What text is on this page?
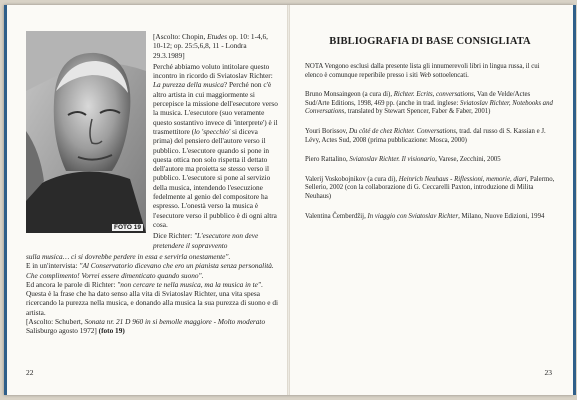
FOTO 19

[Ascolto: Chopin, Etudes op. 10: 1-4,6, 10-12; op. 25:5,6,8, 11 - Londra 29.3.1989]

Perché abbiamo voluto intitolare questo incontro in ricordo di Sviatoslav Richter: La purezza della musica? Perché non c'è altro artista in cui maggiormente si percepisce la missione dell'esecutore verso la musica. L'esecutore (suo veramente questo sostantivo invece di 'interprete') è il trasmettitore (lo 'specchio' si diceva prima) del pensiero dell'autore verso il pubblico. L'esecutore quando si pone in questa ottica non solo rispetta il dettato dell'autore ma proietta se stesso verso il pubblico. L'esecutore si pone al servizio della musica, intendendo l'esecuzione fedelmente al genio del compositore ha espresso. L'onestà verso la musica è l'esecutore verso il pubblico è di ogni altra cosa.

Dice Richter: "L'esecutore non deve pretendere il sopravvento

sulla musica… ci si dovrebbe perdere in essa e servirla onestamente".

E in un'intervista: "Al Conservatorio dicevano che ero un pianista senza personalità. Che complimento! Vorrei essere dimenticato quando suono".

Ed ancora le parole di Richter: "non cercare te nella musica, ma la musica in te".

Questa è la frase che ha dato senso alla vita di Sviatoslav Richter, una vita spesa ricercando la purezza nella musica, e donando alla musica la sua purezza di suono e di artista.

[Ascolto: Schubert, Sonata nr. 21 D 960 in si bemolle maggiore - Molto moderato Salisburgo agosto 1972] (foto 19)

22
BIBLIOGRAFIA DI BASE CONSIGLIATA

NOTA Vengono esclusi dalla presente lista gli innumerevoli libri in lingua russa, il cui elenco è comunque reperibile presso i siti Web sottoelencati.

Bruno Monsaingeon (a cura di), Richter. Ecrits, conversations, Van de Velde/Actes Sud/Arte Editions, 1998, 469 pp. (anche in trad. inglese: Sviatoslav Richter, Notebooks and Conversations, translated by Stewart Spencer, Faber & Faber, 2001)

Youri Borissov, Du côté de chez Richter. Conversations, trad. dal russo di S. Kassian e J. Lévy, Actes Sud, 2008 (prima pubblicazione: Mosca, 2000)

Piero Rattalino, Sviatoslav Richter. Il visionario, Varese, Zecchini, 2005

Valerij Voskobojnikov (a cura di), Heinrich Neuhaus - Riflessioni, memorie, diari, Palermo, Sellerio, 2002 (con la collaborazione di G. Ceccarelli Paxton, introduzione di Milita Neuhaus)

Valentina Čemberdžij, In viaggio con Sviatoslav Richter, Milano, Nuove Edizioni, 1994

23
